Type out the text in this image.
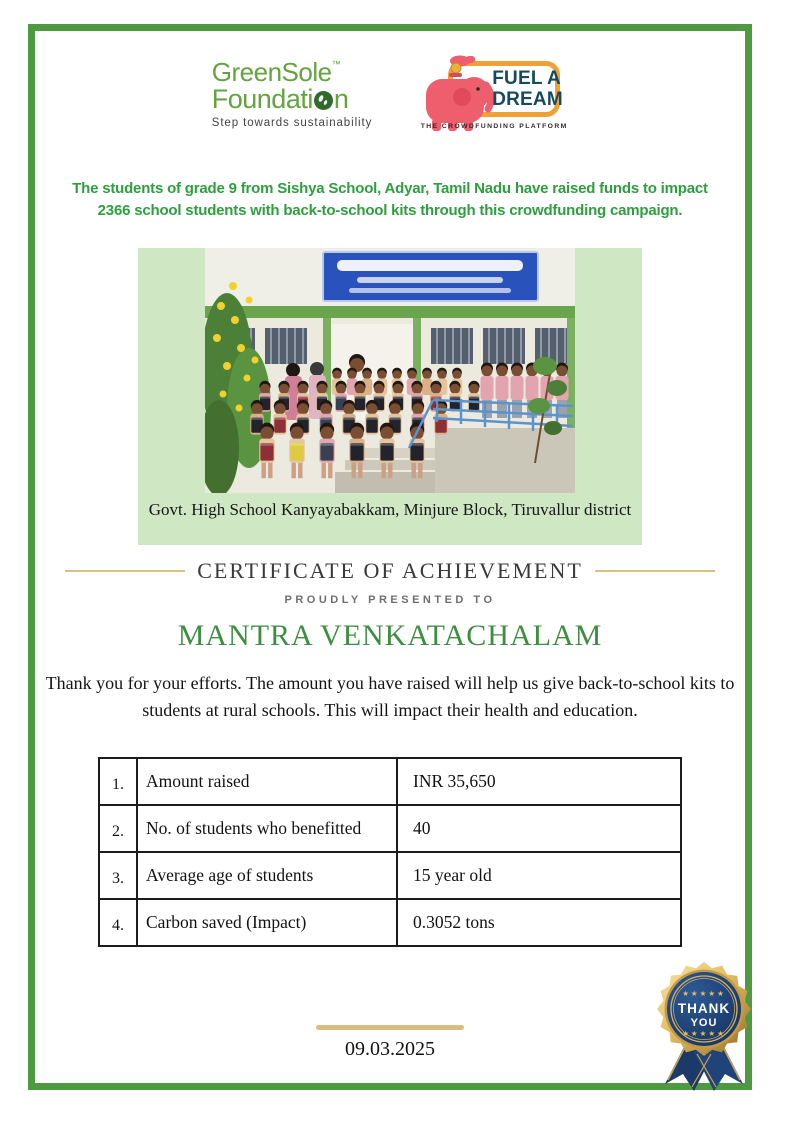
GreenSole™
Foundati n
Step towards sustainability
FUEL A
DREAM
THE CROWDFUNDING PLATFORM
The students of grade 9 from Sishya School, Adyar, Tamil Nadu have raised funds to impact
2366 school students with back-to-school kits through this crowdfunding campaign.
Govt. High School Kanyayabakkam, Minjure Block, Tiruvallur district
CERTIFICATE OF ACHIEVEMENT
PROUDLY PRESENTED TO
MANTRA VENKATACHALAM
Thank you for your efforts. The amount you have raised will help us give back-to-school kits to
students at rural schools. This will impact their health and education.
1.	Amount raised	INR 35,650
2.	No. of students who benefitted	40
3.	Average age of students	15 year old
4.	Carbon saved (Impact)	0.3052 tons
09.03.2025
★★★★★
THANK
YOU
★★★★★
